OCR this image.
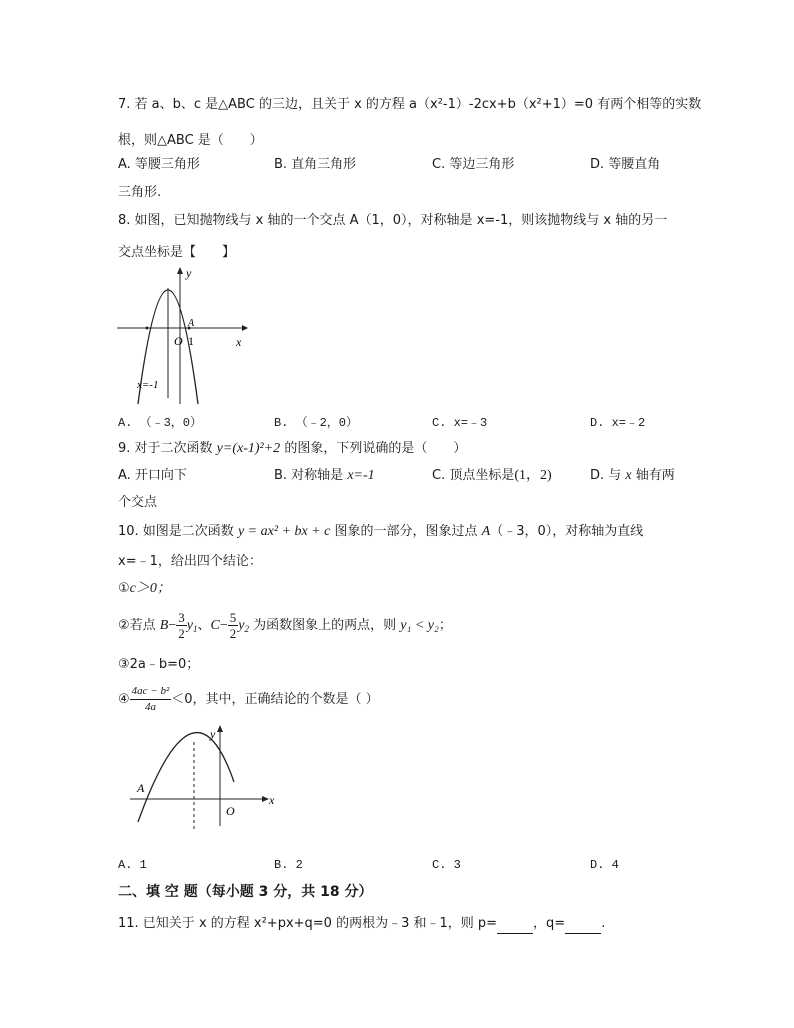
7. 若 a、b、c 是△ABC 的三边，且关于 x 的方程 a（x²-1）-2cx+b（x²+1）=0 有两个相等的实数
根，则△ABC 是（　　）
A. 等腰三角形	B. 直角三角形	C. 等边三角形	D. 等腰直角
三角形.
8. 如图，已知抛物线与 x 轴的一个交点 A（1，0），对称轴是 x=-1，则该抛物线与 x 轴的另一
交点坐标是【　　】
y
x
A
O 1
x=-1
A. （﹣3，0）	B. （﹣2，0）	C. x=﹣3	D. x=﹣2
9. 对于二次函数 y=(x-1)²+2 的图象，下列说确的是（　　）
A. 开口向下	B. 对称轴是 x=-1	C. 顶点坐标是(1，2)	D. 与 x 轴有两
个交点
10. 如图是二次函数 y = ax² + bx + c 图象的一部分，图象过点 A（﹣3，0），对称轴为直线
x=﹣1，给出四个结论：
①c＞0；
②若点 $B- \frac{3}{2} y_1$、$C- \frac{5}{2} y_2$ 为函数图象上的两点，则 y₁ < y₂；
③2a﹣b=0；
④ $\frac{\text{4ac − b²}}{4a} <0$，其中，正确结论的个数是（ ）
y
x
A
O
A. 1	B. 2	C. 3	D. 4
二、填 空 题（每小题 3 分，共 18 分）
11. 已知关于 x 的方程 x²+px+q=0 的两根为﹣3 和﹣1，则 p=	，q=	.
